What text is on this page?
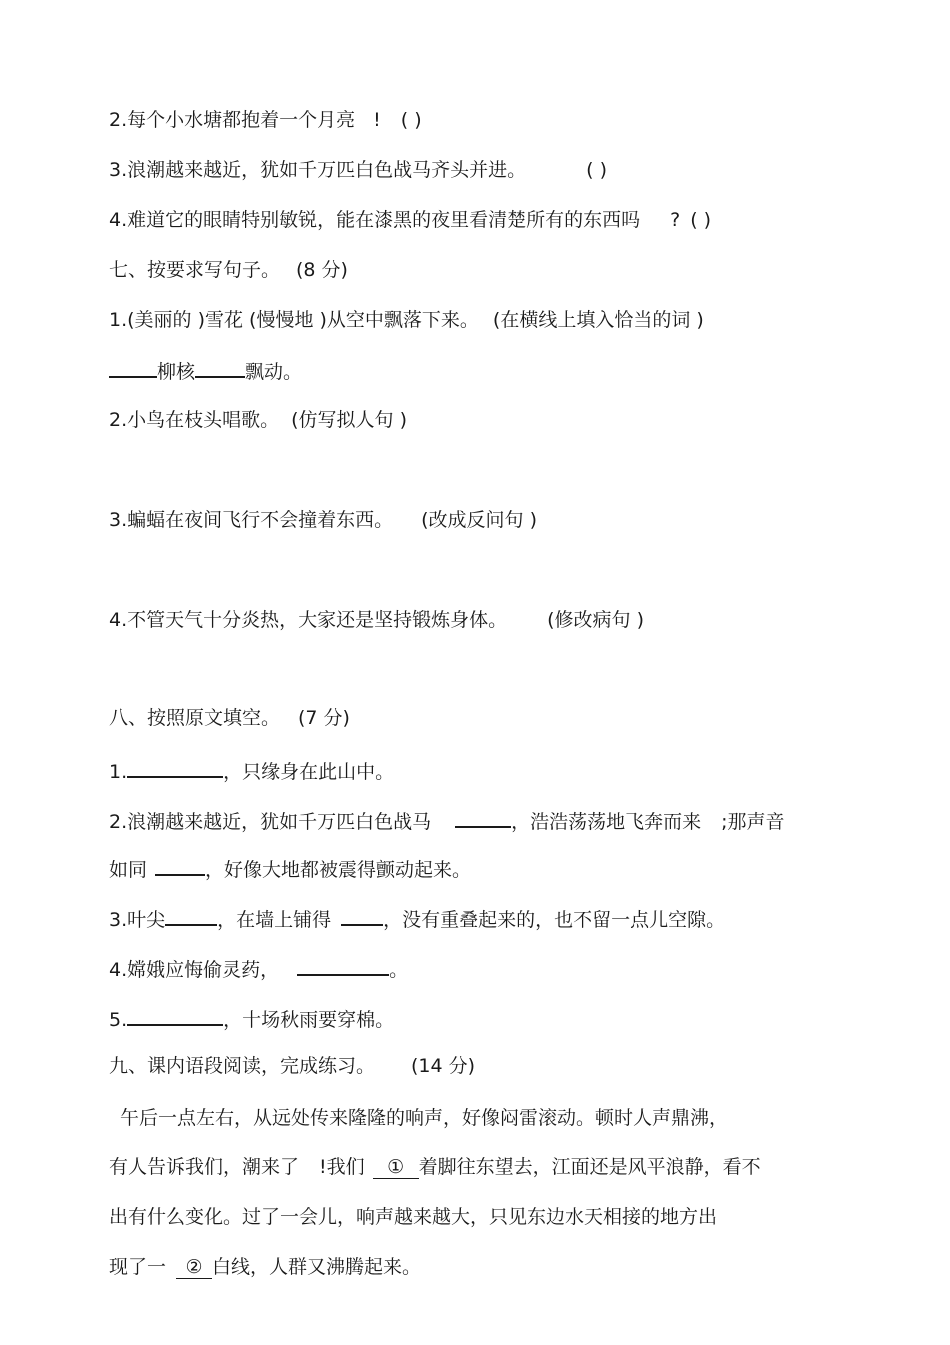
2.每个小水塘都抱着一个月亮 ! ( )
3.浪潮越来越近，犹如千万匹白色战马齐头并进。	( )
4.难道它的眼睛特别敏锐，能在漆黑的夜里看清楚所有的东西吗 ? ( )
七、按要求写句子。 (8 分)
1.(美丽的 )雪花 (慢慢地 )从空中飘落下来。 (在横线上填入恰当的词 )
柳核	飘动。
2.小鸟在枝头唱歌。 (仿写拟人句 )
3.蝙蝠在夜间飞行不会撞着东西。 (改成反问句 )
4.不管天气十分炎热，大家还是坚持锻炼身体。 (修改病句 )
八、按照原文填空。 (7 分)
1.	，只缘身在此山中。
2.浪潮越来越近，犹如千万匹白色战马	，浩浩荡荡地飞奔而来 ;那声音
如同	，好像大地都被震得颤动起来。
3.叶尖	，在墙上铺得	，没有重叠起来的，也不留一点儿空隙。
4.嫦娥应悔偷灵药，	。
5.	，十场秋雨要穿棉。
九、课内语段阅读，完成练习。 (14 分)
午后一点左右，从远处传来隆隆的响声，好像闷雷滚动。顿时人声鼎沸，
有人告诉我们，潮来了 !我们 ① 着脚往东望去，江面还是风平浪静，看不
出有什么变化。过了一会儿，响声越来越大，只见东边水天相接的地方出
现了一 ② 白线，人群又沸腾起来。
